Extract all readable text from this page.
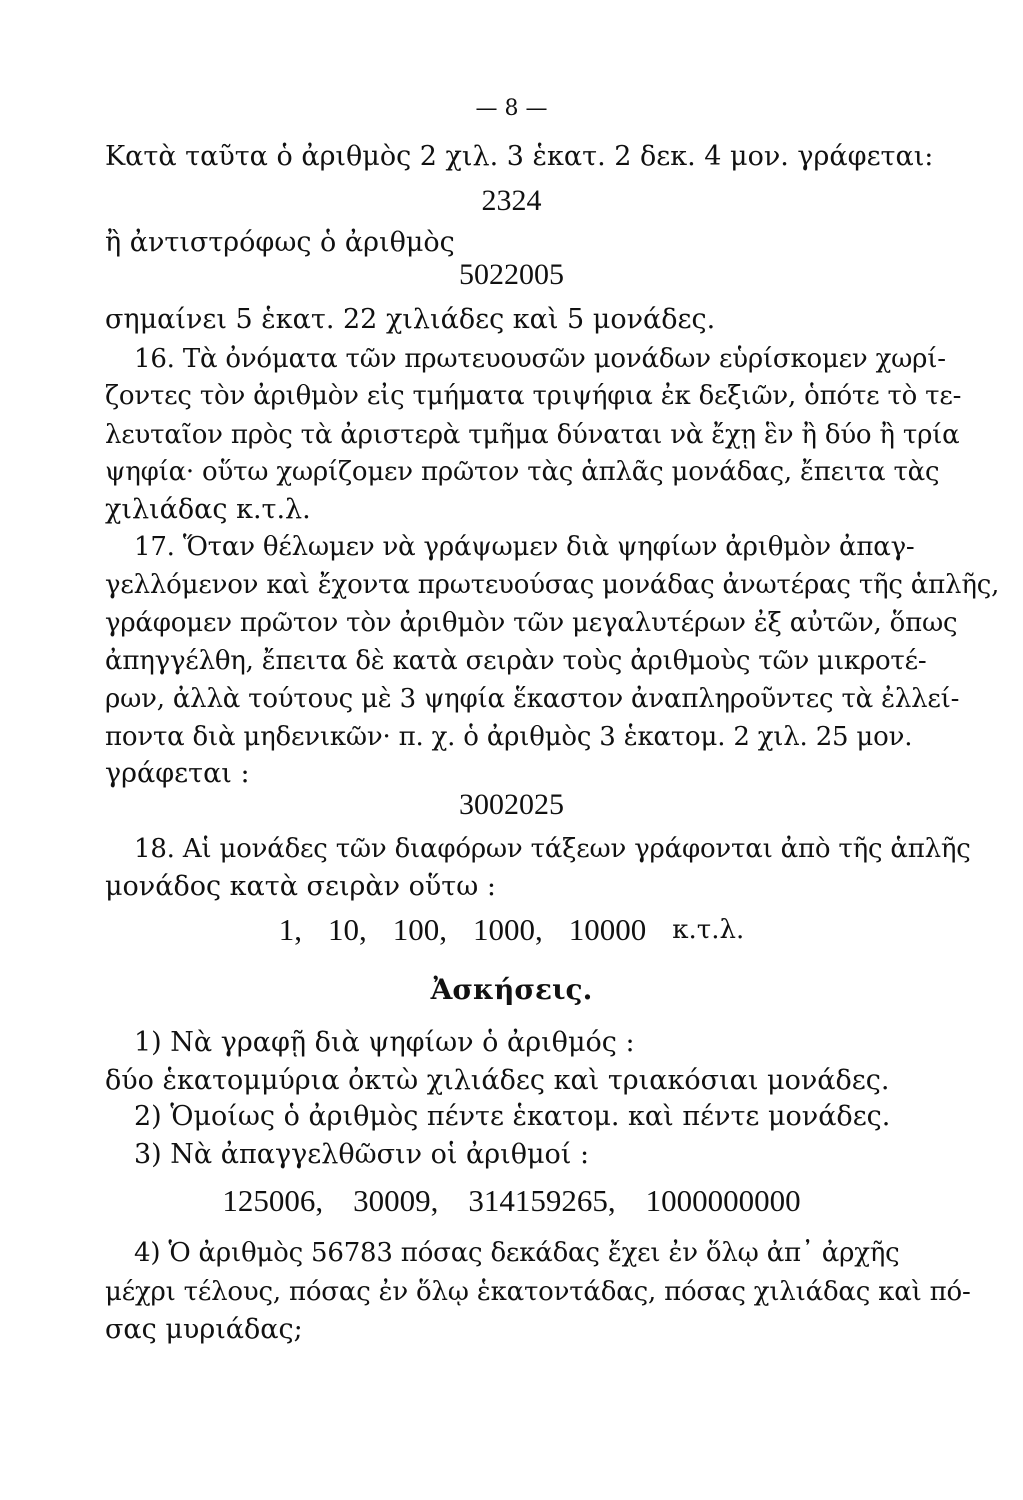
— 8 —

Κατὰ ταῦτα ὁ ἀριθμὸς 2 χιλ. 3 ἑκατ. 2 δεκ. 4 μον. γράφεται:

2324

ἢ ἀντιστρόφως ὁ ἀριθμὸς

5022005

σημαίνει 5 ἑκατ. 22 χιλιάδες καὶ 5 μονάδες.

16. Τὰ ὀνόματα τῶν πρωτευουσῶν μονάδων εὑρίσκομεν χωρί-

ζοντες τὸν ἀριθμὸν εἰς τμήματα τριψήφια ἐκ δεξιῶν, ὁπότε τὸ τε-

λευταῖον πρὸς τὰ ἀριστερὰ τμῆμα δύναται νὰ ἔχῃ ἓν ἢ δύο ἢ τρία

ψηφία· οὕτω χωρίζομεν πρῶτον τὰς ἁπλᾶς μονάδας, ἔπειτα τὰς

χιλιάδας κ.τ.λ.

17. Ὅταν θέλωμεν νὰ γράψωμεν διὰ ψηφίων ἀριθμὸν ἀπαγ-

γελλόμενον καὶ ἔχοντα πρωτευούσας μονάδας ἀνωτέρας τῆς ἁπλῆς,

γράφομεν πρῶτον τὸν ἀριθμὸν τῶν μεγαλυτέρων ἐξ αὐτῶν, ὅπως

ἀπηγγέλθη, ἔπειτα δὲ κατὰ σειρὰν τοὺς ἀριθμοὺς τῶν μικροτέ-

ρων, ἀλλὰ τούτους μὲ 3 ψηφία ἕκαστον ἀναπληροῦντες τὰ ἐλλεί-

ποντα διὰ μηδενικῶν· π. χ. ὁ ἀριθμὸς 3 ἑκατομ. 2 χιλ. 25 μον.

γράφεται :

3002025

18. Αἱ μονάδες τῶν διαφόρων τάξεων γράφονται ἀπὸ τῆς ἁπλῆς

μονάδος κατὰ σειρὰν οὕτω :

1, 10, 100, 1000, 10000 κ.τ.λ.

Ἀσκήσεις.

1) Νὰ γραφῇ διὰ ψηφίων ὁ ἀριθμός :

δύο ἑκατομμύρια ὀκτὼ χιλιάδες καὶ τριακόσιαι μονάδες.

2) Ὁμοίως ὁ ἀριθμὸς πέντε ἑκατομ. καὶ πέντε μονάδες.

3) Νὰ ἀπαγγελθῶσιν οἱ ἀριθμοί :

125006, 30009, 314159265, 1000000000

4) Ὁ ἀριθμὸς 56783 πόσας δεκάδας ἔχει ἐν ὅλῳ ἀπ᾿ ἀρχῆς

μέχρι τέλους, πόσας ἐν ὅλῳ ἑκατοντάδας, πόσας χιλιάδας καὶ πό-

σας μυριάδας;
